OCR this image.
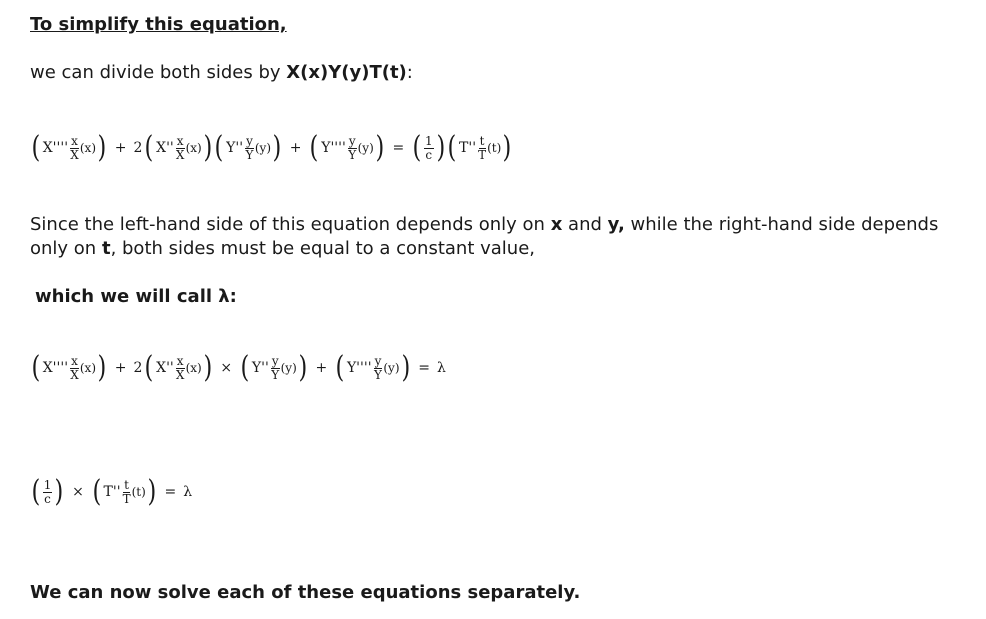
To simplify this equation,
we can divide both sides by X(x)Y(y)T(t):
( $X'''' \frac{x}{X} (x)$ ) + 2 ( $X'' \frac{x}{X} (x)$ ) ( $Y'' \frac{y}{Y} (y)$ ) + ( $Y'''' \frac{y}{Y} (y)$ ) = ( $\frac{1}{c}$ ) ( $T'' \frac{t}{T} (t)$ )
Since the left-hand side of this equation depends only on x and y, while the right-hand side depends
only on t, both sides must be equal to a constant value,
which we will call λ:
( $X'''' \frac{x}{X} (x)$ ) + 2 ( $X'' \frac{x}{X} (x)$ ) × ( $Y'' \frac{y}{Y} (y)$ ) + ( $Y'''' \frac{y}{Y} (y)$ ) = λ
( $\frac{1}{c}$ ) × ( $T'' \frac{t}{T} (t)$ ) = λ
We can now solve each of these equations separately.
